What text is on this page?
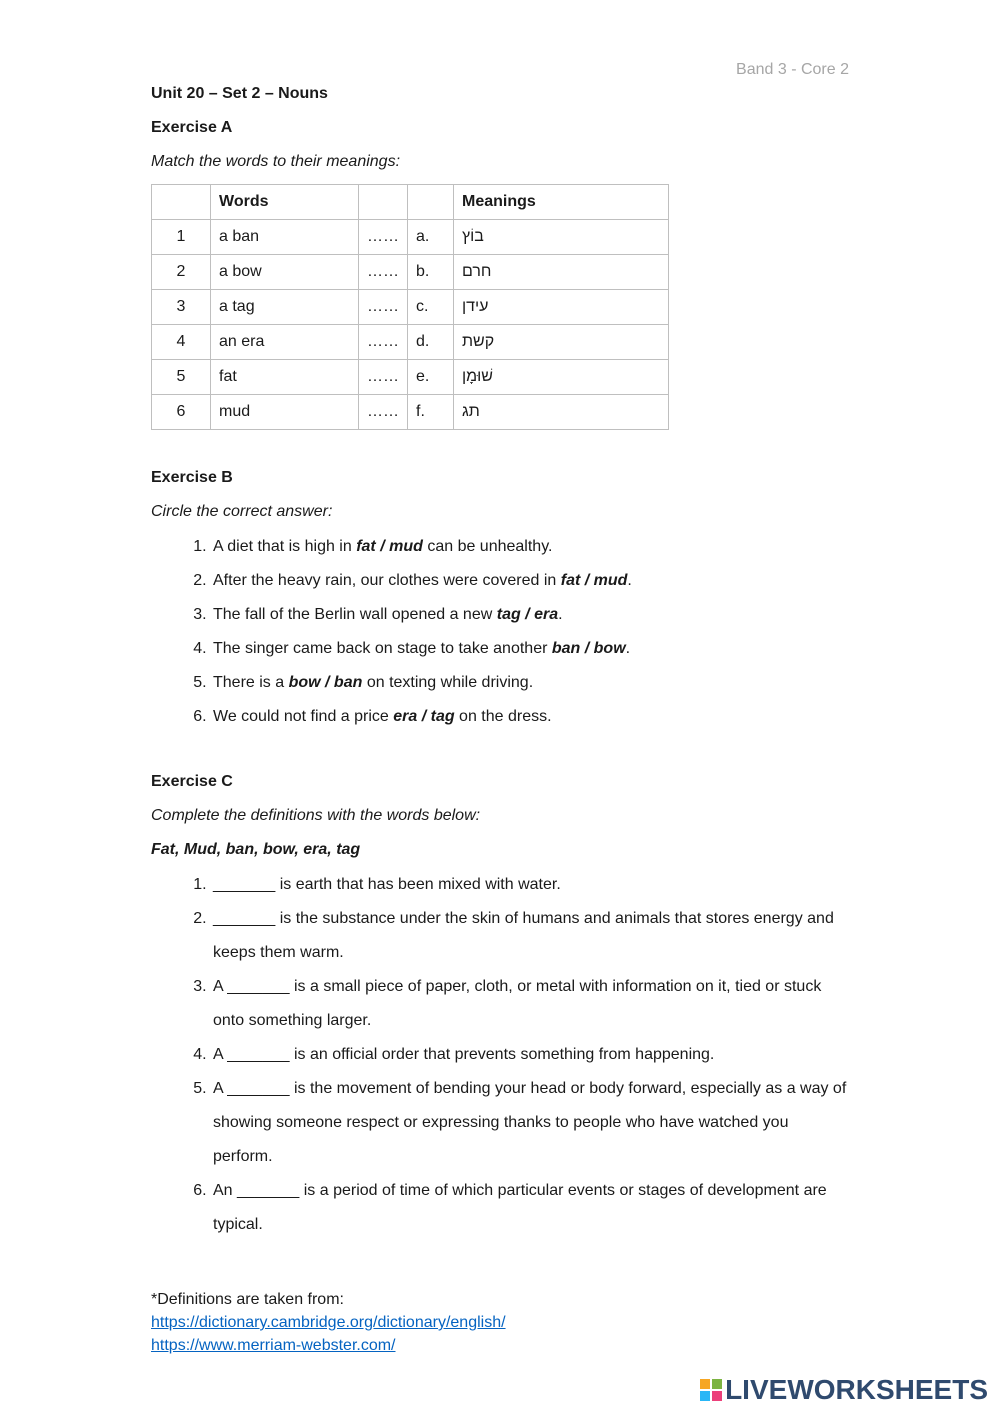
Band 3 - Core 2
Unit 20 – Set 2 – Nouns
Exercise A
Match the words to their meanings:
	Words			Meanings
1	a ban	……	a.	בוֹץ
2	a bow	……	b.	חרם
3	a tag	……	c.	עידן
4	an era	……	d.	קשת
5	fat	……	e.	שׁוּמָן
6	mud	……	f.	תג
Exercise B
Circle the correct answer:
1. A diet that is high in fat / mud can be unhealthy.
2. After the heavy rain, our clothes were covered in fat / mud.
3. The fall of the Berlin wall opened a new tag / era.
4. The singer came back on stage to take another ban / bow.
5. There is a bow / ban on texting while driving.
6. We could not find a price era / tag on the dress.
Exercise C
Complete the definitions with the words below:
Fat, Mud, ban, bow, era, tag
1. _______ is earth that has been mixed with water.
2. _______ is the substance under the skin of humans and animals that stores energy and keeps them warm.
3. A _______ is a small piece of paper, cloth, or metal with information on it, tied or stuck onto something larger.
4. A _______ is an official order that prevents something from happening.
5. A _______ is the movement of bending your head or body forward, especially as a way of showing someone respect or expressing thanks to people who have watched you perform.
6. An _______ is a period of time of which particular events or stages of development are typical.
*Definitions are taken from:
https://dictionary.cambridge.org/dictionary/english/
https://www.merriam-webster.com/
LIVEWORKSHEETS
